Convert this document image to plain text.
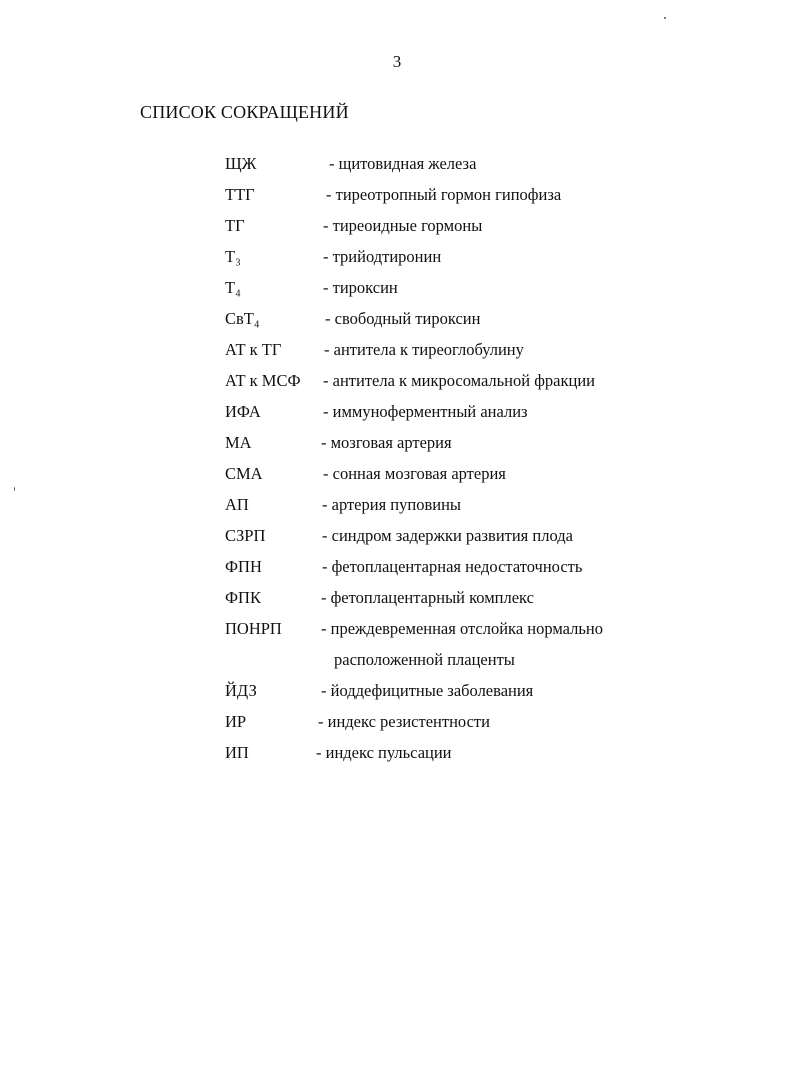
3
СПИСОК СОКРАЩЕНИЙ
ЩЖ	- щитовидная железа
ТТГ	- тиреотропный гормон гипофиза
ТГ	- тиреоидные гормоны
Т₃	- трийодтиронин
Т₄	- тироксин
СвТ₄	- свободный тироксин
АТ к ТГ	- антитела к тиреоглобулину
АТ к МСФ - антитела к микросомальной фракции
ИФА	- иммуноферментный анализ
МА	- мозговая артерия
СМА	- сонная мозговая артерия
АП	- артерия пуповины
СЗРП	- синдром задержки развития плода
ФПН	- фетоплацентарная недостаточность
ФПК	- фетоплацентарный комплекс
ПОНРП - преждевременная отслойка нормально
расположенной плаценты
ЙДЗ	- йоддефицитные заболевания
ИР	- индекс резистентности
ИП	- индекс пульсации
